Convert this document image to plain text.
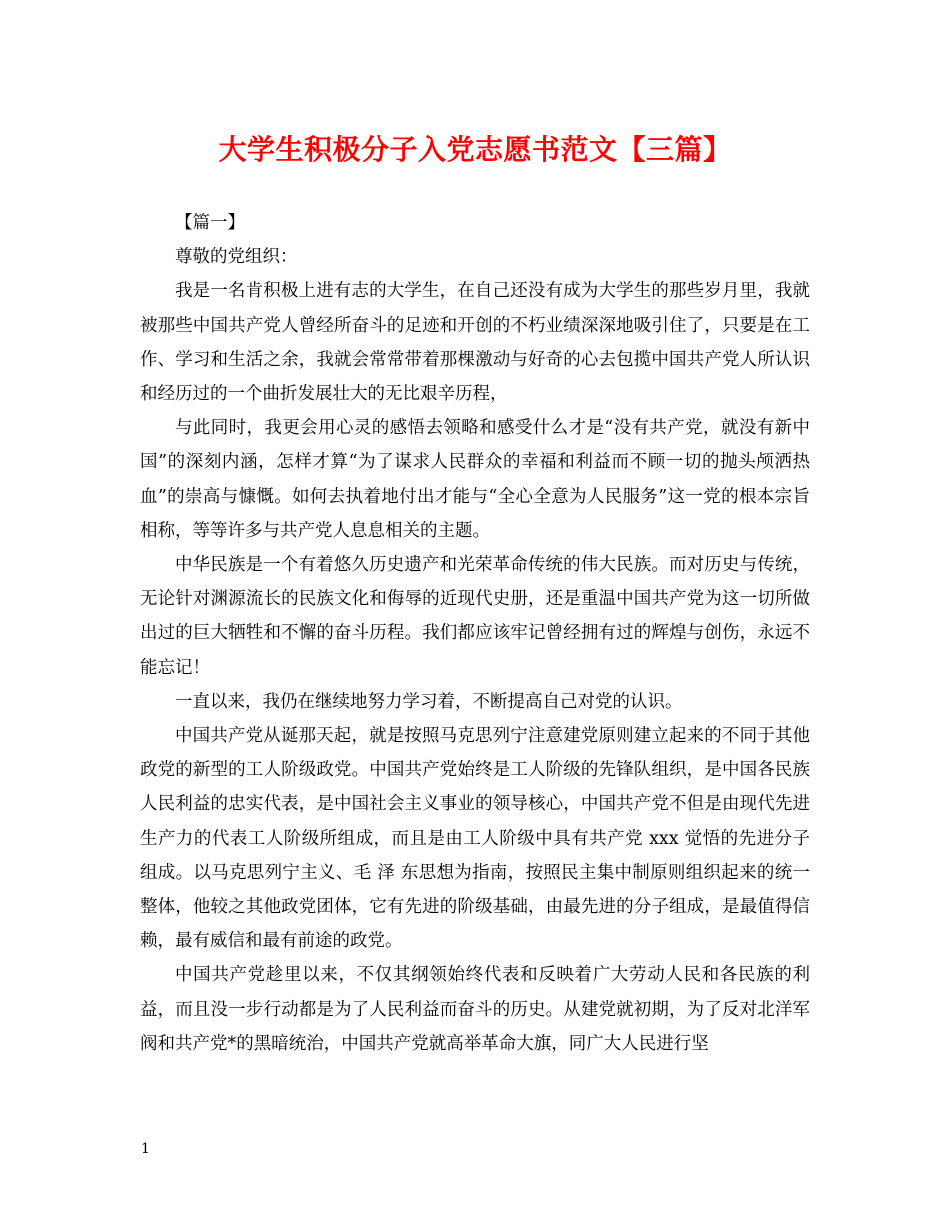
大学生积极分子入党志愿书范文【三篇】

【篇一】

尊敬的党组织：

我是一名肯积极上进有志的大学生，在自己还没有成为大学生的那些岁月里，我就被那些中国共产党人曾经所奋斗的足迹和开创的不朽业绩深深地吸引住了，只要是在工作、学习和生活之余，我就会常常带着那棵激动与好奇的心去包揽中国共产党人所认识和经历过的一个曲折发展壮大的无比艰辛历程，

与此同时，我更会用心灵的感悟去领略和感受什么才是“没有共产党，就没有新中国”的深刻内涵，怎样才算“为了谋求人民群众的幸福和利益而不顾一切的抛头颅洒热血”的崇高与慷慨。如何去执着地付出才能与“全心全意为人民服务”这一党的根本宗旨相称，等等许多与共产党人息息相关的主题。

中华民族是一个有着悠久历史遗产和光荣革命传统的伟大民族。而对历史与传统，无论针对渊源流长的民族文化和侮辱的近现代史册，还是重温中国共产党为这一切所做出过的巨大牺牲和不懈的奋斗历程。我们都应该牢记曾经拥有过的辉煌与创伤，永远不能忘记！

一直以来，我仍在继续地努力学习着，不断提高自己对党的认识。

中国共产党从诞那天起，就是按照马克思列宁注意建党原则建立起来的不同于其他政党的新型的工人阶级政党。中国共产党始终是工人阶级的先锋队组织，是中国各民族人民利益的忠实代表，是中国社会主义事业的领导核心，中国共产党不但是由现代先进生产力的代表工人阶级所组成，而且是由工人阶级中具有共产党 xxx 觉悟的先进分子组成。以马克思列宁主义、毛 泽 东思想为指南，按照民主集中制原则组织起来的统一整体，他较之其他政党团体，它有先进的阶级基础，由最先进的分子组成，是最值得信赖，最有威信和最有前途的政党。

中国共产党趁里以来，不仅其纲领始终代表和反映着广大劳动人民和各民族的利益，而且没一步行动都是为了人民利益而奋斗的历史。从建党就初期，为了反对北洋军阀和共产党*的黑暗统治，中国共产党就高举革命大旗，同广大人民进行坚

1
